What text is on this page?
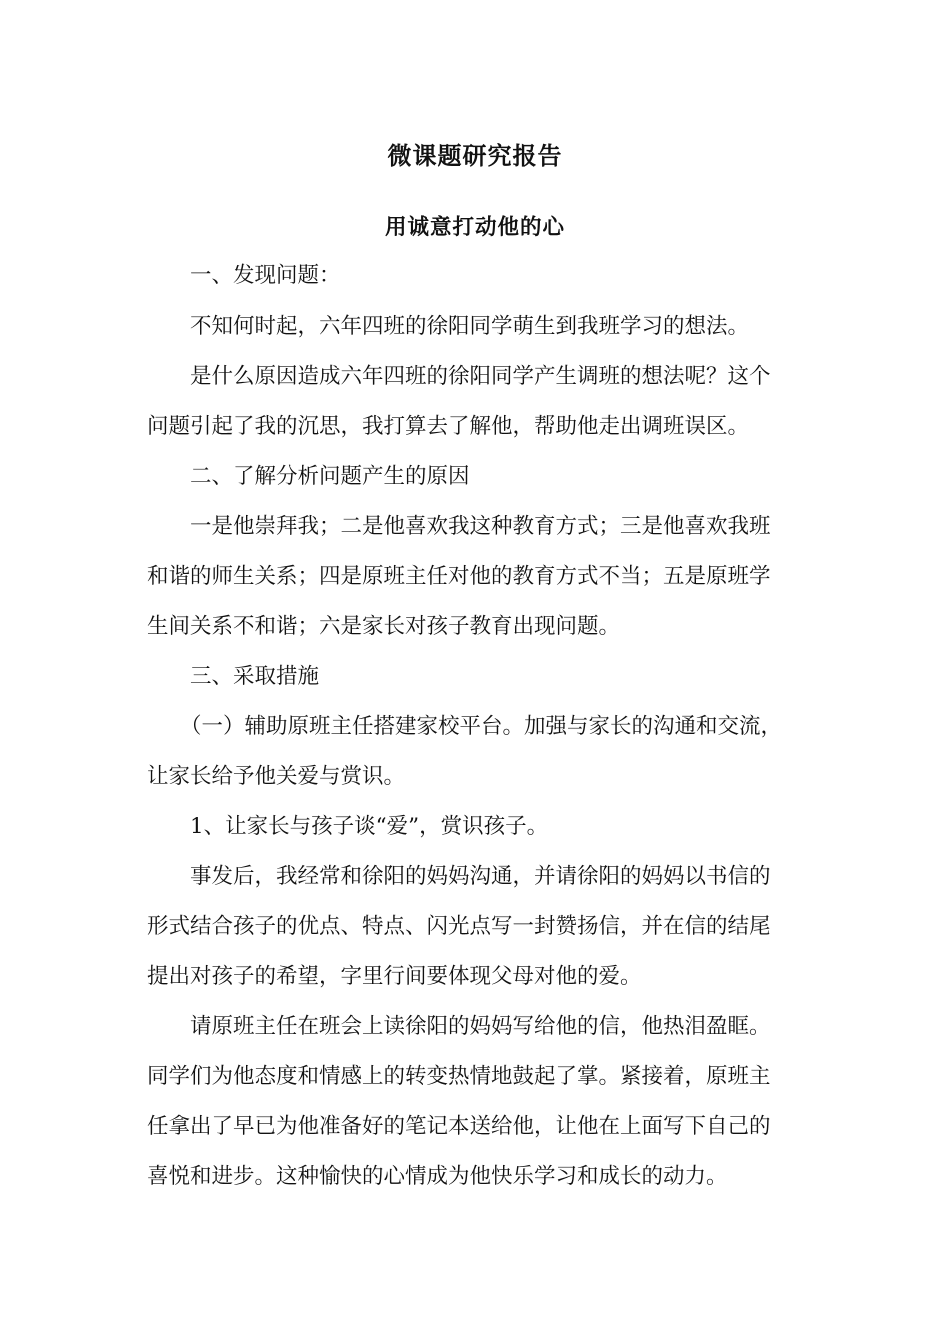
微课题研究报告
用诚意打动他的心
一、发现问题：
不知何时起，六年四班的徐阳同学萌生到我班学习的想法。
是什么原因造成六年四班的徐阳同学产生调班的想法呢？这个
问题引起了我的沉思，我打算去了解他，帮助他走出调班误区。
二、了解分析问题产生的原因
一是他崇拜我；二是他喜欢我这种教育方式；三是他喜欢我班
和谐的师生关系；四是原班主任对他的教育方式不当；五是原班学
生间关系不和谐；六是家长对孩子教育出现问题。
三、采取措施
（一）辅助原班主任搭建家校平台。加强与家长的沟通和交流，
让家长给予他关爱与赏识。
1、让家长与孩子谈“爱”，赏识孩子。
事发后，我经常和徐阳的妈妈沟通，并请徐阳的妈妈以书信的
形式结合孩子的优点、特点、闪光点写一封赞扬信，并在信的结尾
提出对孩子的希望，字里行间要体现父母对他的爱。
请原班主任在班会上读徐阳的妈妈写给他的信，他热泪盈眶。
同学们为他态度和情感上的转变热情地鼓起了掌。紧接着，原班主
任拿出了早已为他准备好的笔记本送给他，让他在上面写下自己的
喜悦和进步。这种愉快的心情成为他快乐学习和成长的动力。
